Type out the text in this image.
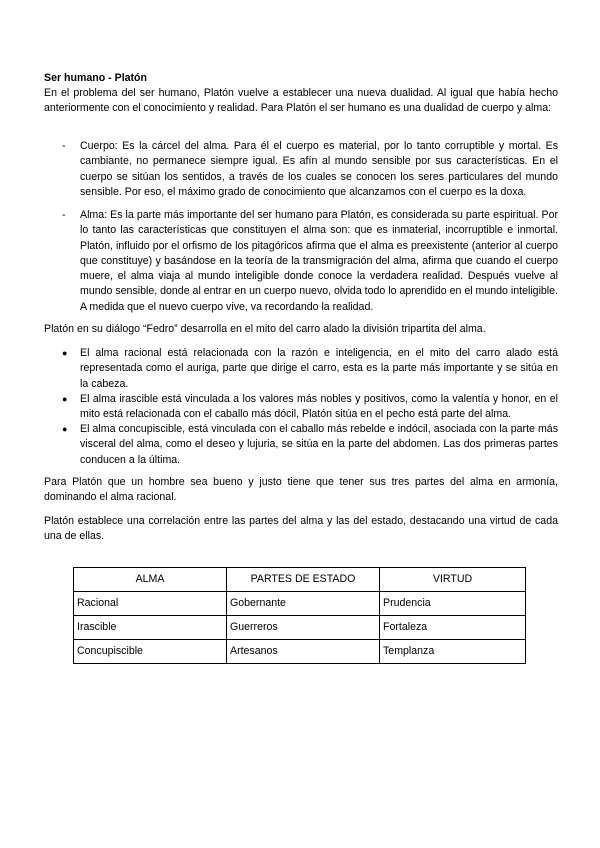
Ser humano - Platón

En el problema del ser humano, Platón vuelve a establecer una nueva dualidad. Al igual que había hecho anteriormente con el conocimiento y realidad. Para Platón el ser humano es una dualidad de cuerpo y alma:

-	Cuerpo: Es la cárcel del alma. Para él el cuerpo es material, por lo tanto corruptible y mortal. Es cambiante, no permanece siempre igual. Es afín al mundo sensible por sus características. En el cuerpo se sitúan los sentidos, a través de los cuales se conocen los seres particulares del mundo sensible. Por eso, el máximo grado de conocimiento que alcanzamos con el cuerpo es la doxa.
-	Alma: Es la parte más importante del ser humano para Platón, es considerada su parte espiritual. Por lo tanto las características que constituyen el alma son: que es inmaterial, incorruptible e inmortal. Platón, influido por el orfismo de los pitagóricos afirma que el alma es preexistente (anterior al cuerpo que constituye) y basándose en la teoría de la transmigración del alma, afirma que cuando el cuerpo muere, el alma viaja al mundo inteligible donde conoce la verdadera realidad. Después vuelve al mundo sensible, donde al entrar en un cuerpo nuevo, olvida todo lo aprendido en el mundo inteligible. A medida que el nuevo cuerpo vive, va recordando la realidad.

Platón en su diálogo “Fedro” desarrolla en el mito del carro alado la división tripartita del alma.

●	El alma racional está relacionada con la razón e inteligencia, en el mito del carro alado está representada como el auriga, parte que dirige el carro, esta es la parte más importante y se sitúa en la cabeza.
●	El alma irascible está vinculada a los valores más nobles y positivos, como la valentía y honor, en el mito está relacionada con el caballo más dócil, Platón sitúa en el pecho está parte del alma.
●	El alma concupiscible, está vinculada con el caballo más rebelde e indócil, asociada con la parte más visceral del alma, como el deseo y lujuria, se sitúa en la parte del abdomen. Las dos primeras partes conducen a la última.

Para Platón que un hombre sea bueno y justo tiene que tener sus tres partes del alma en armonía, dominando el alma racional.

Platón establece una correlación entre las partes del alma y las del estado, destacando una virtud de cada una de ellas.

ALMA	PARTES DE ESTADO	VIRTUD
Racional	Gobernante	Prudencia
Irascible	Guerreros	Fortaleza
Concupiscible	Artesanos	Templanza
